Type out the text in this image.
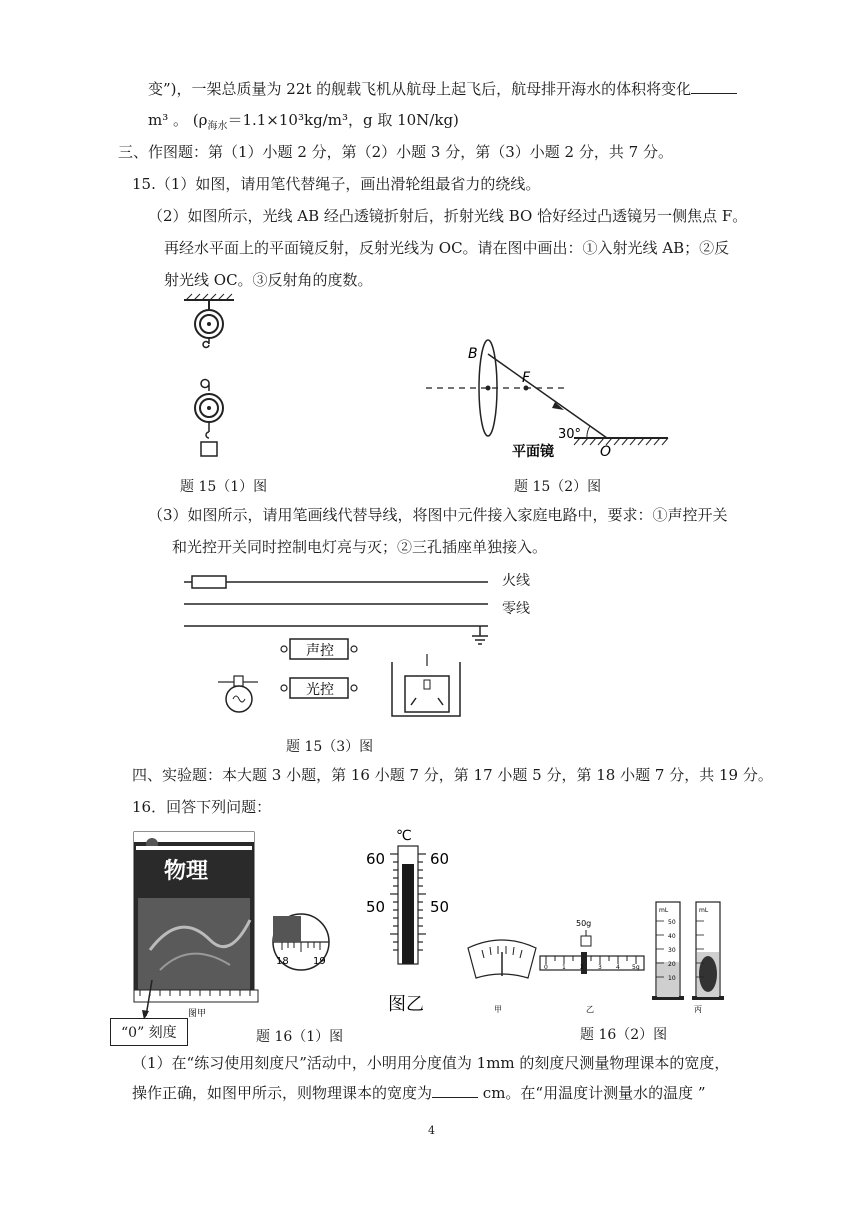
变”)，一架总质量为 22t 的舰载飞机从航母上起飞后，航母排开海水的体积将变化
m³ 。 ($\rho_{海水}=1.1\times 10^3kg/m^3$，g 取 10N/kg)
三、作图题：第（1）小题 2 分，第（2）小题 3 分，第（3）小题 2 分，共 7 分。
15.（1）如图，请用笔代替绳子，画出滑轮组最省力的绕线。
（2）如图所示，光线 AB 经凸透镜折射后，折射光线 BO 恰好经过凸透镜另一侧焦点 F。
再经水平面上的平面镜反射，反射光线为 OC。请在图中画出：①入射光线 AB；②反
射光线 OC。③反射角的度数。
B
F
O
30°
平面镜
题 15（1）图	题 15（2）图
（3）如图所示，请用笔画线代替导线，将图中元件接入家庭电路中，要求：①声控开关
和光控开关同时控制电灯亮与灭；②三孔插座单独接入。
声控
光控
火线
零线
题 15（3）图
四、实验题：本大题 3 小题，第 16 小题 7 分，第 17 小题 5 分，第 18 小题 7 分，共 19 分。
16．回答下列问题：
物理
18 19
图甲
“0” 刻度
℃
60	60
50	50
图乙	甲
50g
0 1 2 3 4 5g
乙
mL
50
40
30
20
10
mL
丙
题 16（1）图	题 16（2）图
（1）在“练习使用刻度尺”活动中，小明用分度值为 1mm 的刻度尺测量物理课本的宽度，
操作正确，如图甲所示，则物理课本的宽度为	cm。在“用温度计测量水的温度 ”
4
